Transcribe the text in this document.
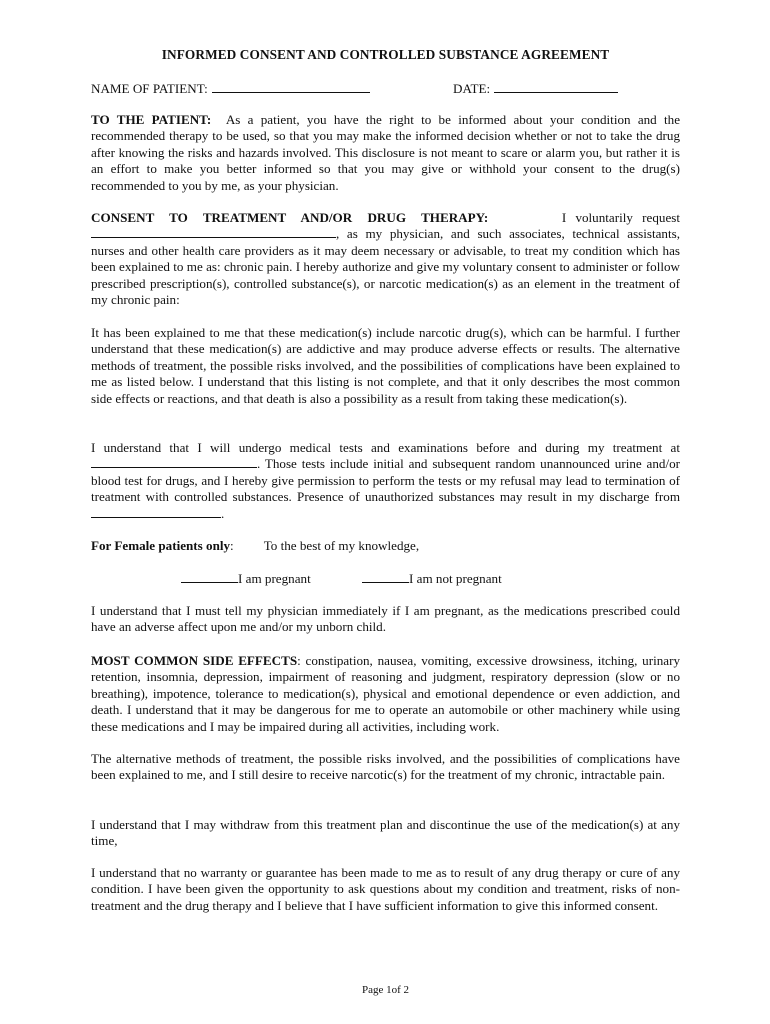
INFORMED CONSENT AND CONTROLLED SUBSTANCE AGREEMENT
NAME OF PATIENT:	DATE:
TO THE PATIENT: As a patient, you have the right to be informed about your condition and the recommended therapy to be used, so that you may make the informed decision whether or not to take the drug after knowing the risks and hazards involved. This disclosure is not meant to scare or alarm you, but rather it is an effort to make you better informed so that you may give or withhold your consent to the drug(s) recommended to you by me, as your physician.
CONSENT TO TREATMENT AND/OR DRUG THERAPY:	I voluntarily request
, as my physician, and such associates, technical assistants, nurses and other health care providers as it may deem necessary or advisable, to treat my condition which has been explained to me as: chronic pain. I hereby authorize and give my voluntary consent to administer or follow prescribed prescription(s), controlled substance(s), or narcotic medication(s) as an element in the treatment of my chronic pain:
It has been explained to me that these medication(s) include narcotic drug(s), which can be harmful. I further understand that these medication(s) are addictive and may produce adverse effects or results. The alternative methods of treatment, the possible risks involved, and the possibilities of complications have been explained to me as listed below. I understand that this listing is not complete, and that it only describes the most common side effects or reactions, and that death is also a possibility as a result from taking these medication(s).
I understand that I will undergo medical tests and examinations before and during my treatment at . Those tests include initial and subsequent random unannounced urine and/or blood test for drugs, and I hereby give permission to perform the tests or my refusal may lead to termination of treatment with controlled substances. Presence of unauthorized substances may result in my discharge from .
For Female patients only: To the best of my knowledge,
I am pregnant	I am not pregnant
I understand that I must tell my physician immediately if I am pregnant, as the medications prescribed could have an adverse affect upon me and/or my unborn child.
MOST COMMON SIDE EFFECTS: constipation, nausea, vomiting, excessive drowsiness, itching, urinary retention, insomnia, depression, impairment of reasoning and judgment, respiratory depression (slow or no breathing), impotence, tolerance to medication(s), physical and emotional dependence or even addiction, and death. I understand that it may be dangerous for me to operate an automobile or other machinery while using these medications and I may be impaired during all activities, including work.
The alternative methods of treatment, the possible risks involved, and the possibilities of complications have been explained to me, and I still desire to receive narcotic(s) for the treatment of my chronic, intractable pain.
I understand that I may withdraw from this treatment plan and discontinue the use of the medication(s) at any time,
I understand that no warranty or guarantee has been made to me as to result of any drug therapy or cure of any condition. I have been given the opportunity to ask questions about my condition and treatment, risks of non-treatment and the drug therapy and I believe that I have sufficient information to give this informed consent.
Page 1of 2
